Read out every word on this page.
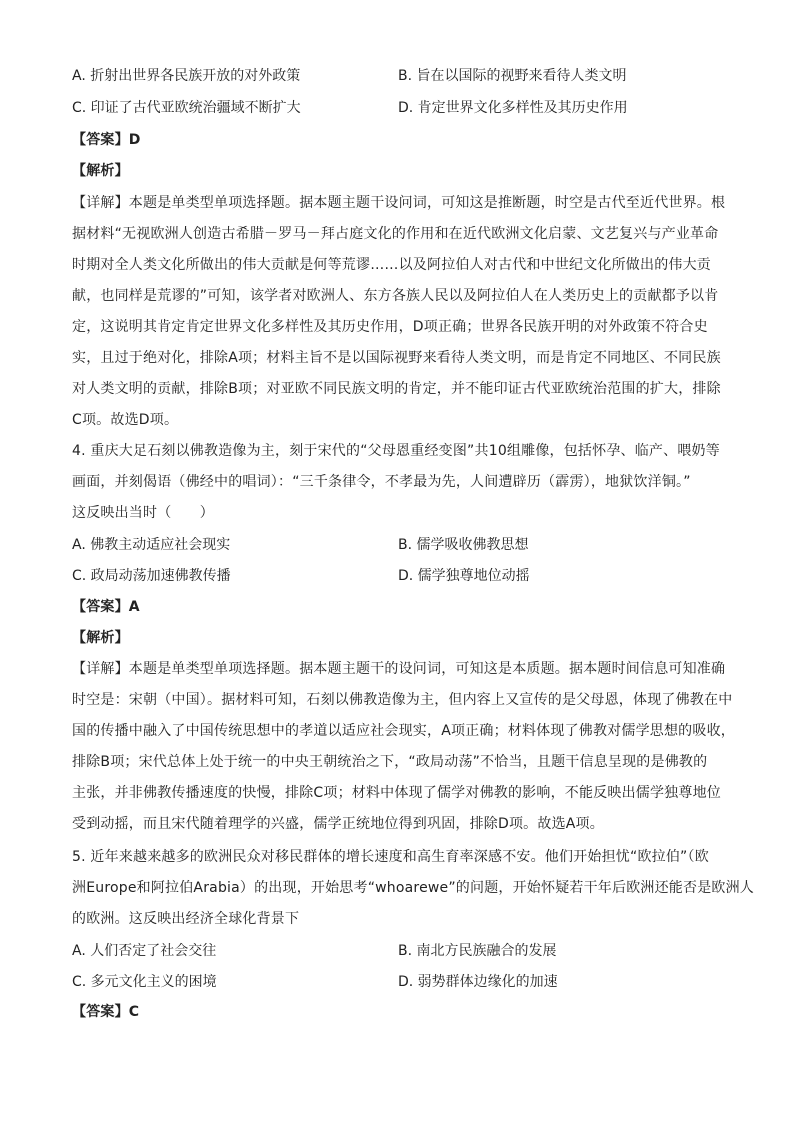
A. 折射出世界各民族开放的对外政策	B. 旨在以国际的视野来看待人类文明
C. 印证了古代亚欧统治疆域不断扩大	D. 肯定世界文化多样性及其历史作用
【答案】D
【解析】
【详解】本题是单类型单项选择题。据本题主题干设问词，可知这是推断题，时空是古代至近代世界。根
据材料“无视欧洲人创造古希腊－罗马－拜占庭文化的作用和在近代欧洲文化启蒙、文艺复兴与产业革命
时期对全人类文化所做出的伟大贡献是何等荒谬……以及阿拉伯人对古代和中世纪文化所做出的伟大贡
献，也同样是荒谬的”可知，该学者对欧洲人、东方各族人民以及阿拉伯人在人类历史上的贡献都予以肯
定，这说明其肯定肯定世界文化多样性及其历史作用，D项正确；世界各民族开明的对外政策不符合史
实，且过于绝对化，排除A项；材料主旨不是以国际视野来看待人类文明，而是肯定不同地区、不同民族
对人类文明的贡献，排除B项；对亚欧不同民族文明的肯定，并不能印证古代亚欧统治范围的扩大，排除
C项。故选D项。
4. 重庆大足石刻以佛教造像为主，刻于宋代的“父母恩重经变图”共10组雕像，包括怀孕、临产、喂奶等
画面，并刻偈语（佛经中的唱词）：“三千条律令，不孝最为先，人间遭辟历（霹雳），地狱饮洋铜。”
这反映出当时（　　）
A. 佛教主动适应社会现实	B. 儒学吸收佛教思想
C. 政局动荡加速佛教传播	D. 儒学独尊地位动摇
【答案】A
【解析】
【详解】本题是单类型单项选择题。据本题主题干的设问词，可知这是本质题。据本题时间信息可知准确
时空是：宋朝（中国）。据材料可知，石刻以佛教造像为主，但内容上又宣传的是父母恩，体现了佛教在中
国的传播中融入了中国传统思想中的孝道以适应社会现实，A项正确；材料体现了佛教对儒学思想的吸收，
排除B项；宋代总体上处于统一的中央王朝统治之下，“政局动荡”不恰当，且题干信息呈现的是佛教的
主张，并非佛教传播速度的快慢，排除C项；材料中体现了儒学对佛教的影响，不能反映出儒学独尊地位
受到动摇，而且宋代随着理学的兴盛，儒学正统地位得到巩固，排除D项。故选A项。
5. 近年来越来越多的欧洲民众对移民群体的增长速度和高生育率深感不安。他们开始担忧“欧拉伯”（欧
洲Europe和阿拉伯Arabia）的出现，开始思考“whoarewe”的问题，开始怀疑若干年后欧洲还能否是欧洲人
的欧洲。这反映出经济全球化背景下
A. 人们否定了社会交往	B. 南北方民族融合的发展
C. 多元文化主义的困境	D. 弱势群体边缘化的加速
【答案】C
